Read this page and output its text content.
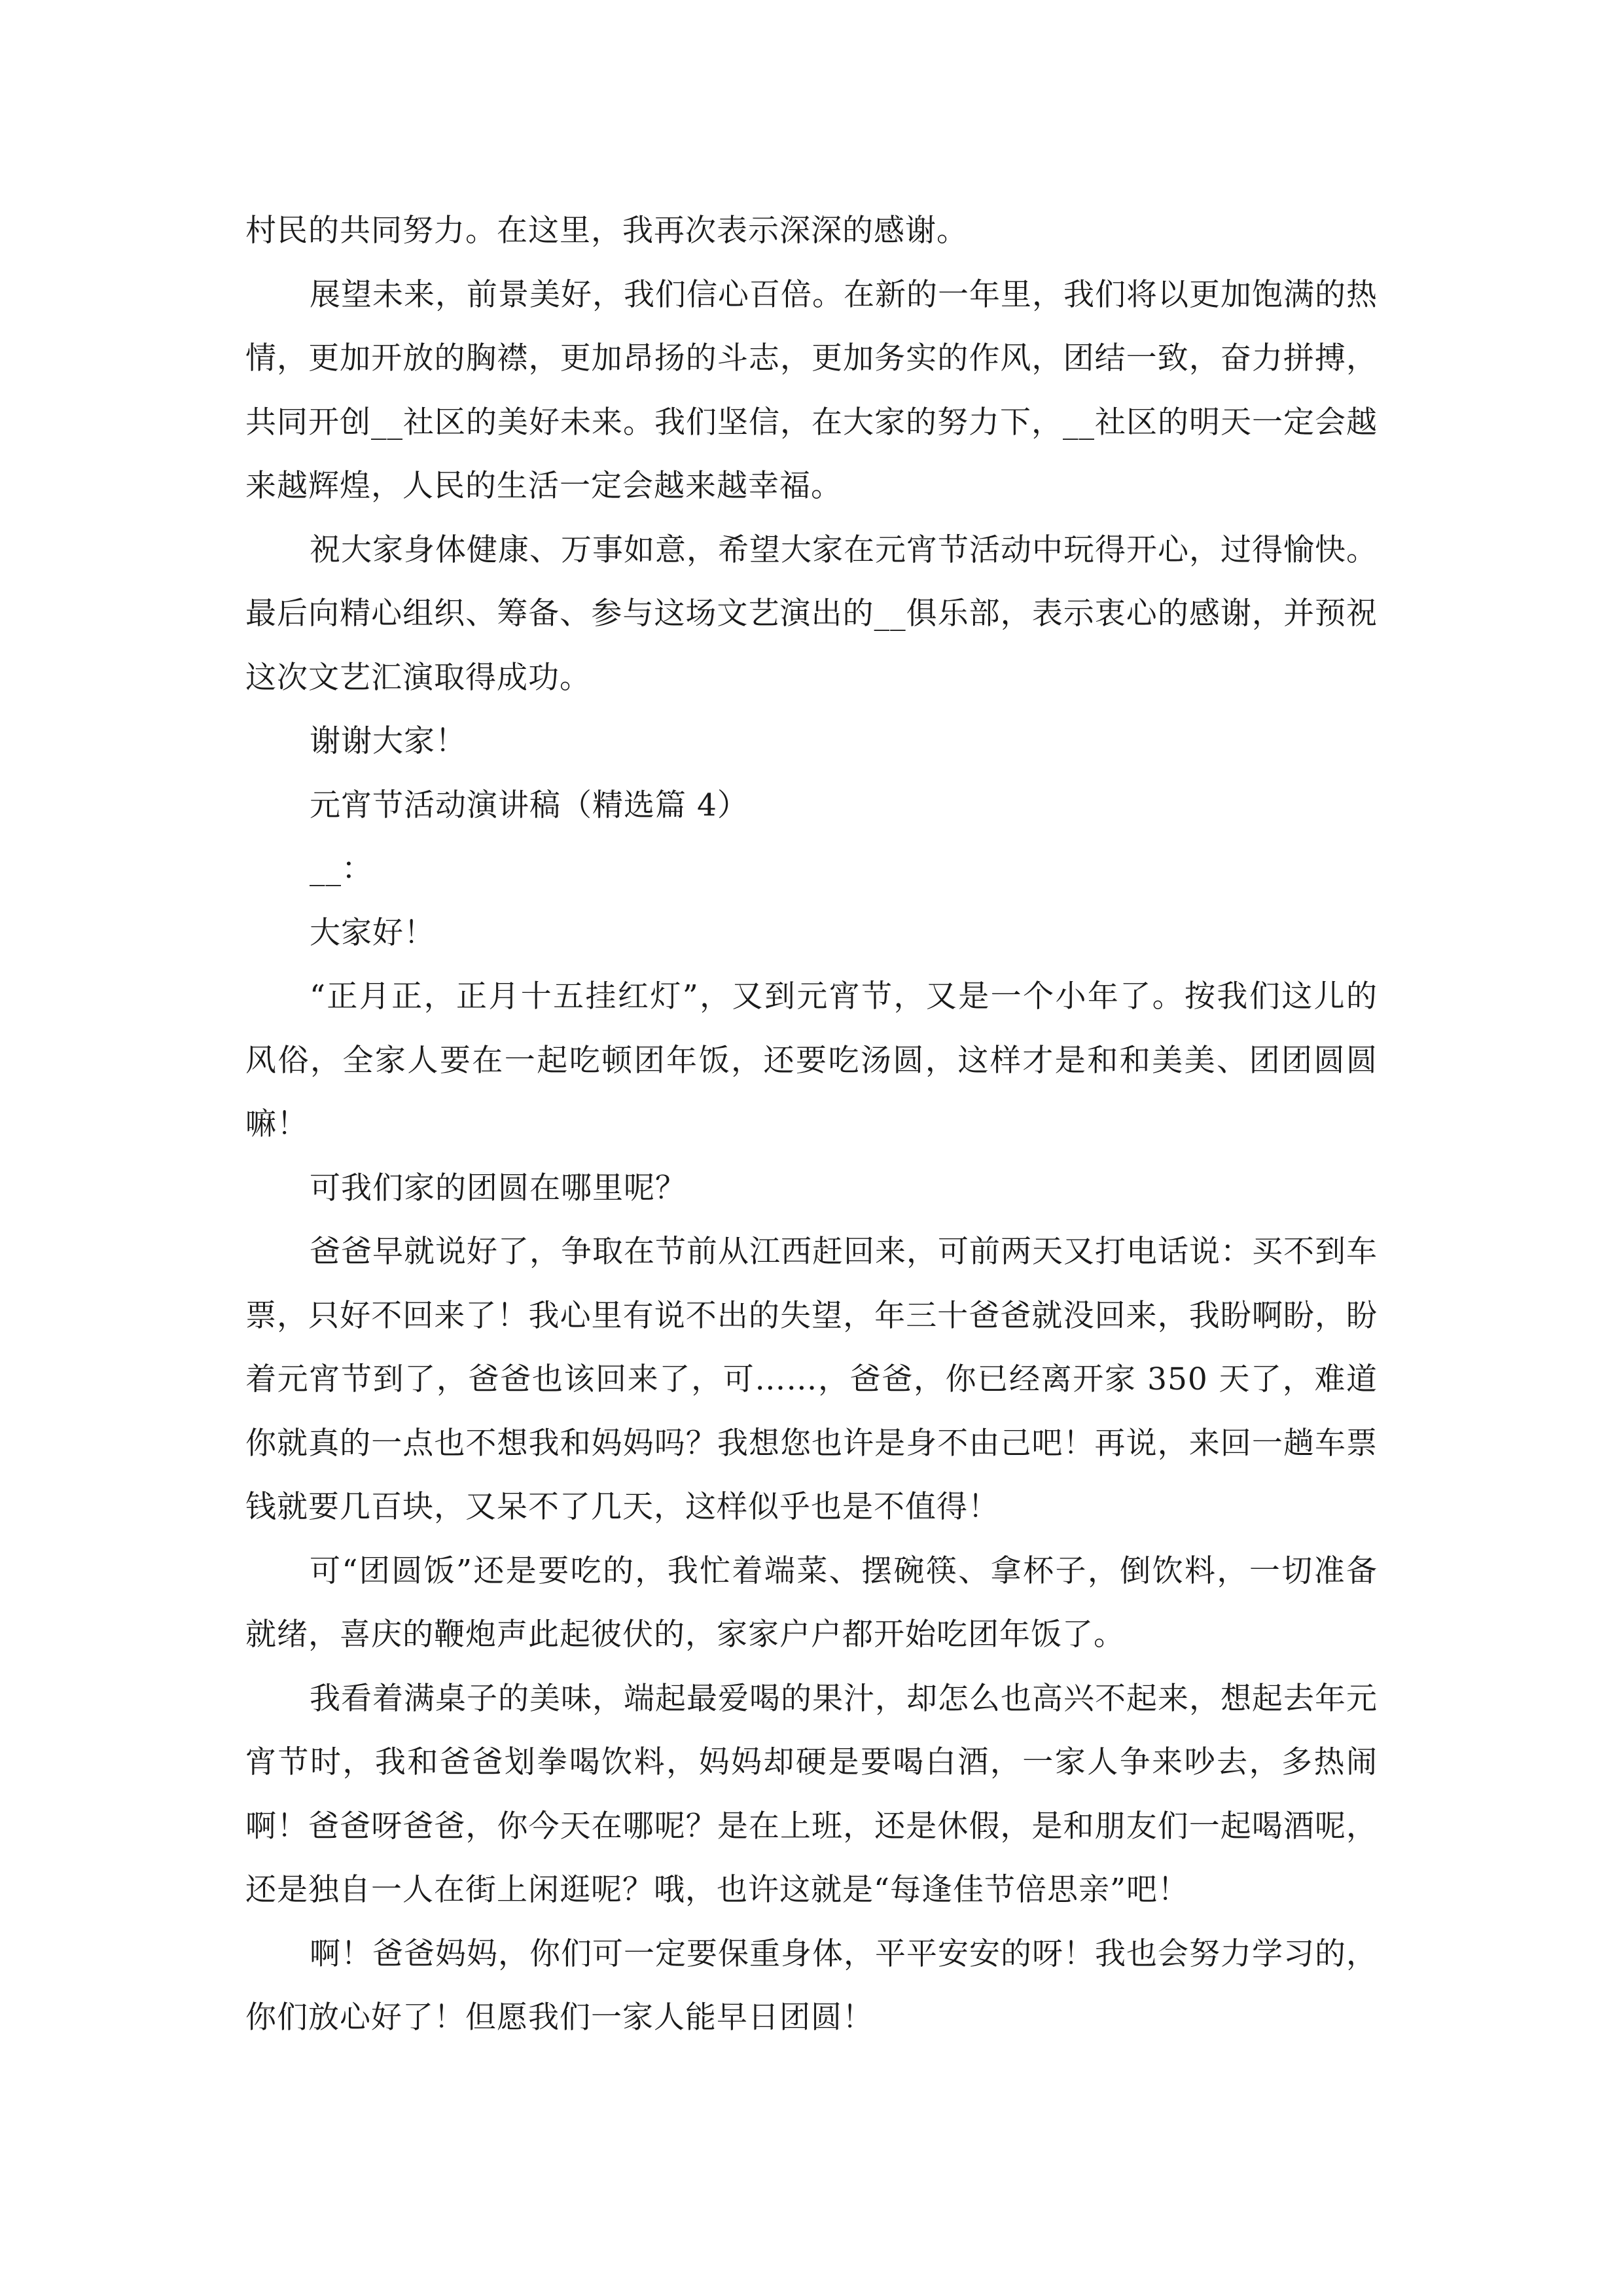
村民的共同努力。在这里，我再次表示深深的感谢。

展望未来，前景美好，我们信心百倍。在新的一年里，我们将以更加饱满的热情，更加开放的胸襟，更加昂扬的斗志，更加务实的作风，团结一致，奋力拼搏，共同开创__社区的美好未来。我们坚信，在大家的努力下，__社区的明天一定会越来越辉煌，人民的生活一定会越来越幸福。

祝大家身体健康、万事如意，希望大家在元宵节活动中玩得开心，过得愉快。最后向精心组织、筹备、参与这场文艺演出的__俱乐部，表示衷心的感谢，并预祝这次文艺汇演取得成功。

谢谢大家！

元宵节活动演讲稿（精选篇 4）

__：

大家好！

“正月正，正月十五挂红灯”，又到元宵节，又是一个小年了。按我们这儿的风俗，全家人要在一起吃顿团年饭，还要吃汤圆，这样才是和和美美、团团圆圆嘛！

可我们家的团圆在哪里呢？

爸爸早就说好了，争取在节前从江西赶回来，可前两天又打电话说：买不到车票，只好不回来了！我心里有说不出的失望，年三十爸爸就没回来，我盼啊盼，盼着元宵节到了，爸爸也该回来了，可……，爸爸，你已经离开家 350 天了，难道你就真的一点也不想我和妈妈吗？我想您也许是身不由己吧！再说，来回一趟车票钱就要几百块，又呆不了几天，这样似乎也是不值得！

可“团圆饭”还是要吃的，我忙着端菜、摆碗筷、拿杯子，倒饮料，一切准备就绪，喜庆的鞭炮声此起彼伏的，家家户户都开始吃团年饭了。

我看着满桌子的美味，端起最爱喝的果汁，却怎么也高兴不起来，想起去年元宵节时，我和爸爸划拳喝饮料，妈妈却硬是要喝白酒，一家人争来吵去，多热闹啊！爸爸呀爸爸，你今天在哪呢？是在上班，还是休假，是和朋友们一起喝酒呢，还是独自一人在街上闲逛呢？哦，也许这就是“每逢佳节倍思亲”吧！

啊！爸爸妈妈，你们可一定要保重身体，平平安安的呀！我也会努力学习的，你们放心好了！但愿我们一家人能早日团圆！
